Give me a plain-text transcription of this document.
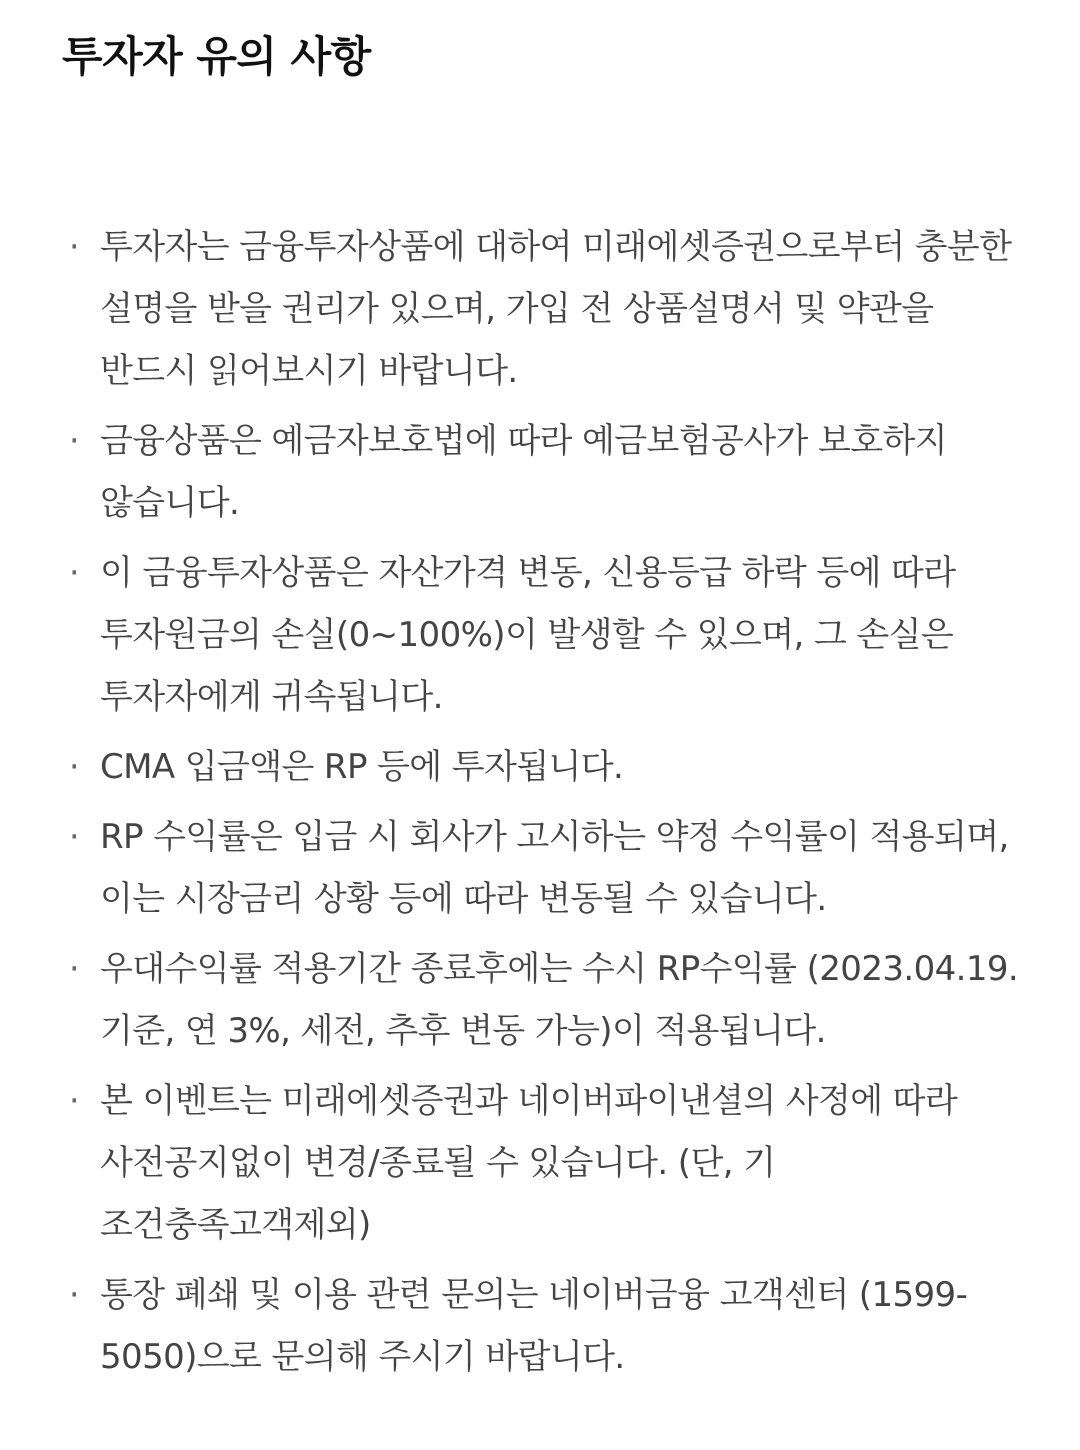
투자자 유의 사항
· 투자자는 금융투자상품에 대하여 미래에셋증권으로부터 충분한 설명을 받을 권리가 있으며, 가입 전 상품설명서 및 약관을 반드시 읽어보시기 바랍니다.
· 금융상품은 예금자보호법에 따라 예금보험공사가 보호하지 않습니다.
· 이 금융투자상품은 자산가격 변동, 신용등급 하락 등에 따라 투자원금의 손실(0~100%)이 발생할 수 있으며, 그 손실은 투자자에게 귀속됩니다.
· CMA 입금액은 RP 등에 투자됩니다.
· RP 수익률은 입금 시 회사가 고시하는 약정 수익률이 적용되며, 이는 시장금리 상황 등에 따라 변동될 수 있습니다.
· 우대수익률 적용기간 종료후에는 수시 RP수익률 (2023.04.19. 기준, 연 3%, 세전, 추후 변동 가능)이 적용됩니다.
· 본 이벤트는 미래에셋증권과 네이버파이낸셜의 사정에 따라 사전공지없이 변경/종료될 수 있습니다. (단, 기 조건충족고객제외)
· 통장 폐쇄 및 이용 관련 문의는 네이버금융 고객센터 (1599-5050)으로 문의해 주시기 바랍니다.
